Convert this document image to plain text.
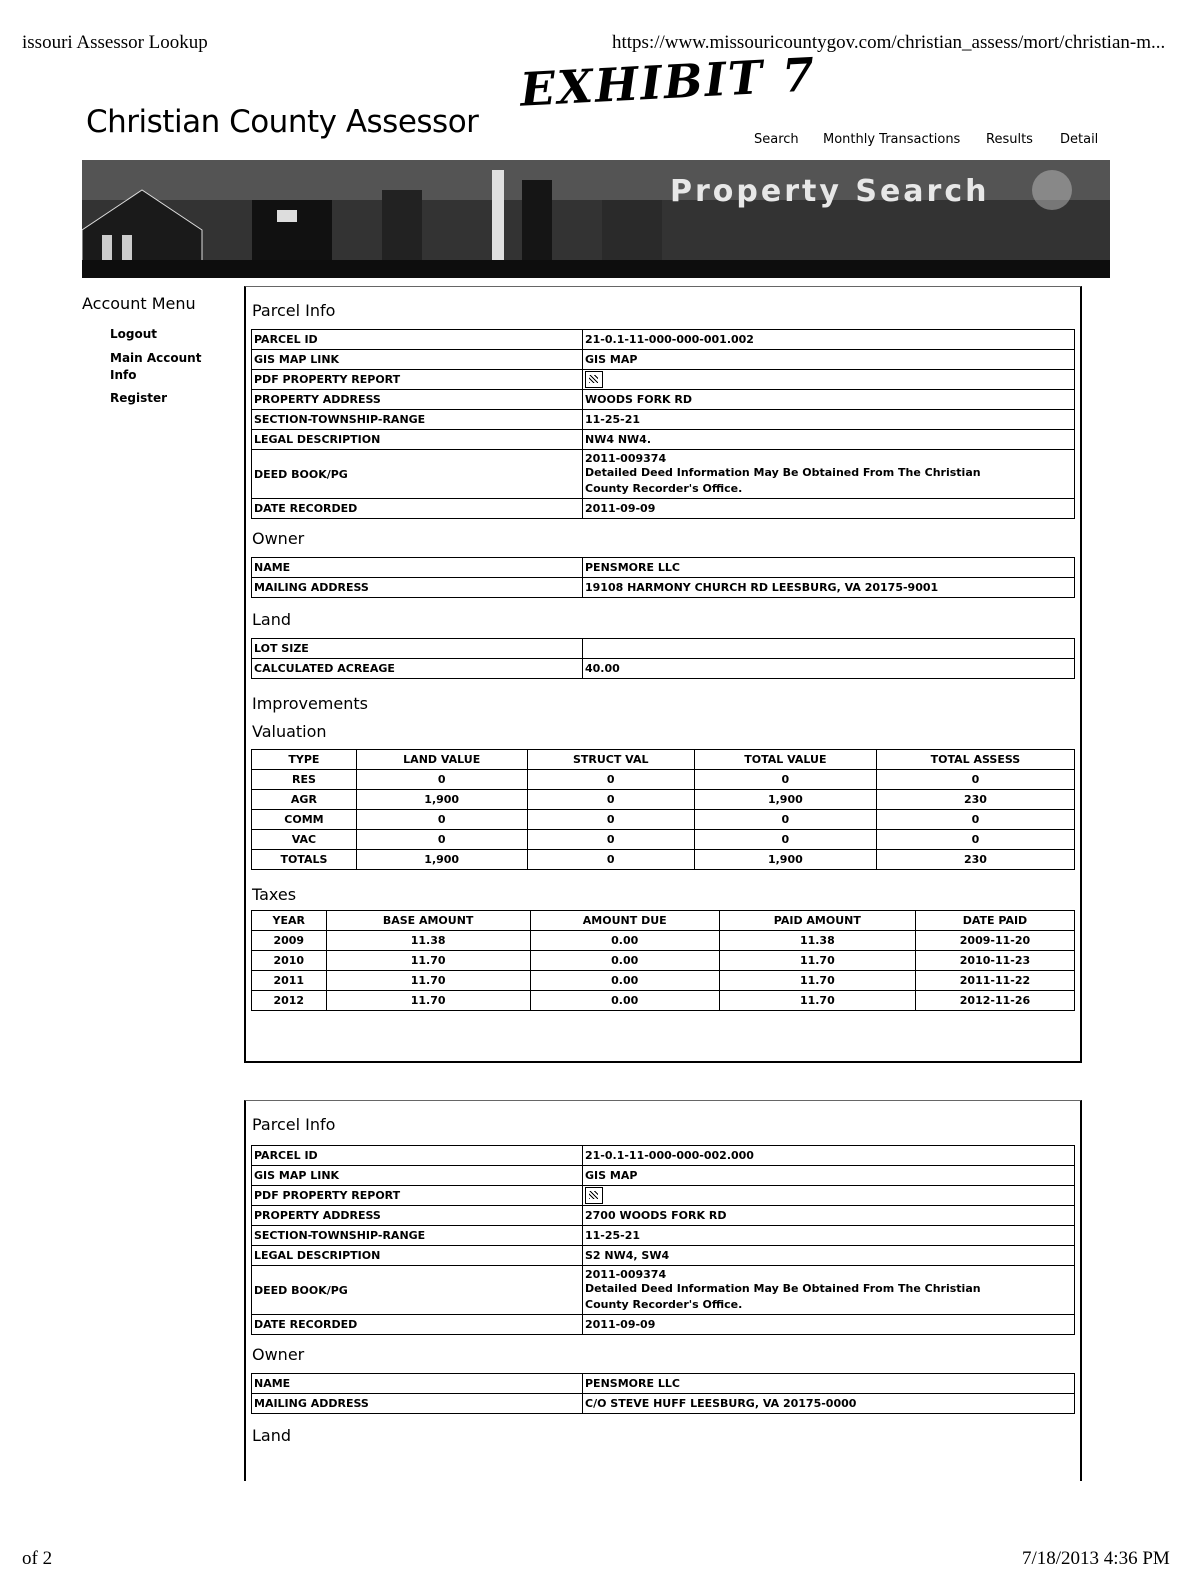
issouri Assessor Lookup	https://www.missouricountygov.com/christian_assess/mort/christian-m...
EXHIBIT 7
of 2	7/18/2013 4:36 PM
Christian County Assessor	Search Monthly Transactions Results Detail
Property Search
Account Menu
Logout
Main Account Info
Register
Parcel Info
PARCEL ID	21-0.1-11-000-000-001.002
GIS MAP LINK	GIS MAP
PDF PROPERTY REPORT	
PROPERTY ADDRESS	WOODS FORK RD
SECTION-TOWNSHIP-RANGE	11-25-21
LEGAL DESCRIPTION	NW4 NW4.
DEED BOOK/PG	2011-009374
Detailed Deed Information May Be Obtained From The Christian County Recorder's Office.

DATE RECORDED	2011-09-09
Owner
NAME	PENSMORE LLC
MAILING ADDRESS	19108 HARMONY CHURCH RD LEESBURG, VA 20175-9001
Land
LOT SIZE	
CALCULATED ACREAGE	40.00
Improvements
Valuation
TYPE	LAND VALUE	STRUCT VAL	TOTAL VALUE	TOTAL ASSESS
RES	0	0	0	0
AGR	1,900	0	1,900	230
COMM	0	0	0	0
VAC	0	0	0	0
TOTALS	1,900	0	1,900	230
Taxes
YEAR	BASE AMOUNT	AMOUNT DUE	PAID AMOUNT	DATE PAID
2009	11.38	0.00	11.38	2009-11-20
2010	11.70	0.00	11.70	2010-11-23
2011	11.70	0.00	11.70	2011-11-22
2012	11.70	0.00	11.70	2012-11-26
Parcel Info
PARCEL ID	21-0.1-11-000-000-002.000
GIS MAP LINK	GIS MAP
PDF PROPERTY REPORT	
PROPERTY ADDRESS	2700 WOODS FORK RD
SECTION-TOWNSHIP-RANGE	11-25-21
LEGAL DESCRIPTION	S2 NW4, SW4
DEED BOOK/PG	2011-009374
Detailed Deed Information May Be Obtained From The Christian County Recorder's Office.

DATE RECORDED	2011-09-09
Owner
NAME	PENSMORE LLC
MAILING ADDRESS	C/O STEVE HUFF LEESBURG, VA 20175-0000
Land
